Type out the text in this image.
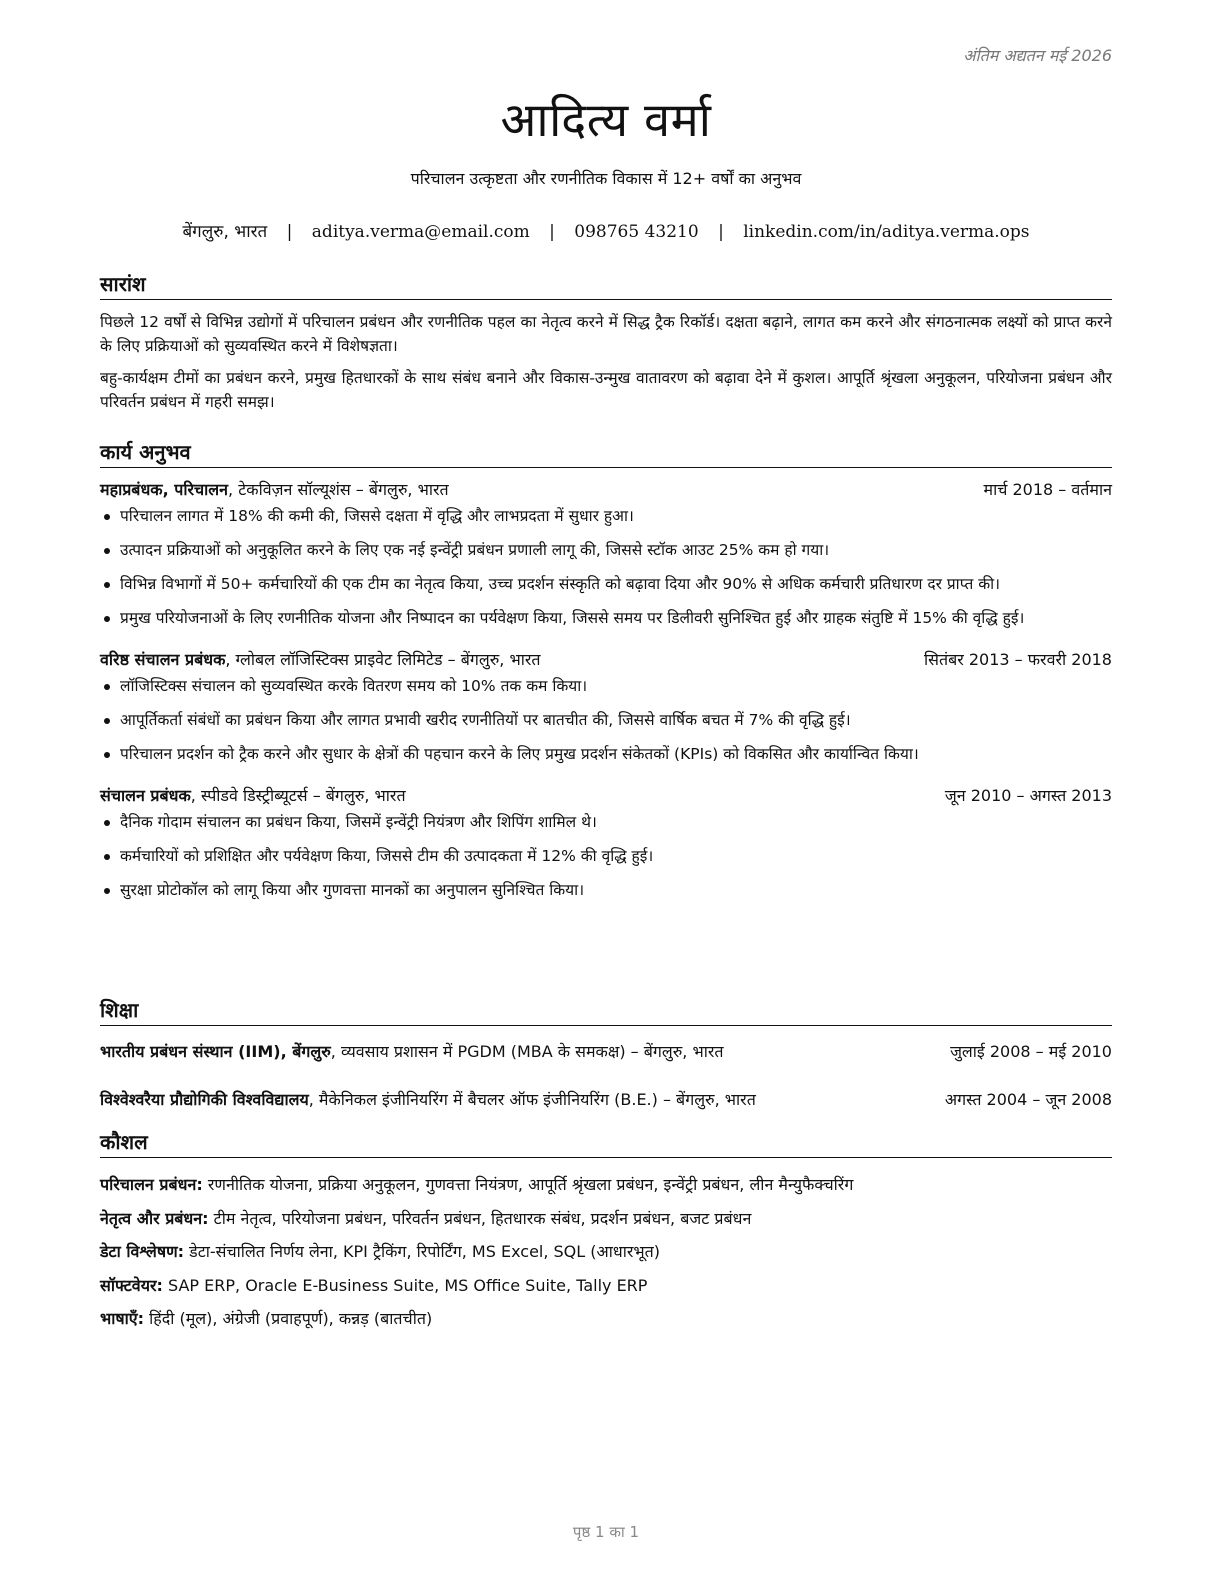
अंतिम अद्यतन मई 2026
आदित्य वर्मा
परिचालन उत्कृष्टता और रणनीतिक विकास में 12+ वर्षों का अनुभव
बेंगलुरु, भारत | aditya.verma@email.com | 098765 43210 | linkedin.com/in/aditya.verma.ops
सारांश

पिछले 12 वर्षों से विभिन्न उद्योगों में परिचालन प्रबंधन और रणनीतिक पहल का नेतृत्व करने में सिद्ध ट्रैक रिकॉर्ड। दक्षता बढ़ाने, लागत कम करने और संगठनात्मक लक्ष्यों को प्राप्त करने के लिए प्रक्रियाओं को सुव्यवस्थित करने में विशेषज्ञता।

बहु-कार्यक्षम टीमों का प्रबंधन करने, प्रमुख हितधारकों के साथ संबंध बनाने और विकास-उन्मुख वातावरण को बढ़ावा देने में कुशल। आपूर्ति श्रृंखला अनुकूलन, परियोजना प्रबंधन और परिवर्तन प्रबंधन में गहरी समझ।

कार्य अनुभव
महाप्रबंधक, परिचालन, टेकविज़न सॉल्यूशंस – बेंगलुरु, भारत	मार्च 2018 – वर्तमान
परिचालन लागत में 18% की कमी की, जिससे दक्षता में वृद्धि और लाभप्रदता में सुधार हुआ।
उत्पादन प्रक्रियाओं को अनुकूलित करने के लिए एक नई इन्वेंट्री प्रबंधन प्रणाली लागू की, जिससे स्टॉक आउट 25% कम हो गया।
विभिन्न विभागों में 50+ कर्मचारियों की एक टीम का नेतृत्व किया, उच्च प्रदर्शन संस्कृति को बढ़ावा दिया और 90% से अधिक कर्मचारी प्रतिधारण दर प्राप्त की।
प्रमुख परियोजनाओं के लिए रणनीतिक योजना और निष्पादन का पर्यवेक्षण किया, जिससे समय पर डिलीवरी सुनिश्चित हुई और ग्राहक संतुष्टि में 15% की वृद्धि हुई।
वरिष्ठ संचालन प्रबंधक, ग्लोबल लॉजिस्टिक्स प्राइवेट लिमिटेड – बेंगलुरु, भारत	सितंबर 2013 – फरवरी 2018
लॉजिस्टिक्स संचालन को सुव्यवस्थित करके वितरण समय को 10% तक कम किया।
आपूर्तिकर्ता संबंधों का प्रबंधन किया और लागत प्रभावी खरीद रणनीतियों पर बातचीत की, जिससे वार्षिक बचत में 7% की वृद्धि हुई।
परिचालन प्रदर्शन को ट्रैक करने और सुधार के क्षेत्रों की पहचान करने के लिए प्रमुख प्रदर्शन संकेतकों (KPIs) को विकसित और कार्यान्वित किया।
संचालन प्रबंधक, स्पीडवे डिस्ट्रीब्यूटर्स – बेंगलुरु, भारत	जून 2010 – अगस्त 2013
दैनिक गोदाम संचालन का प्रबंधन किया, जिसमें इन्वेंट्री नियंत्रण और शिपिंग शामिल थे।
कर्मचारियों को प्रशिक्षित और पर्यवेक्षण किया, जिससे टीम की उत्पादकता में 12% की वृद्धि हुई।
सुरक्षा प्रोटोकॉल को लागू किया और गुणवत्ता मानकों का अनुपालन सुनिश्चित किया।
शिक्षा
भारतीय प्रबंधन संस्थान (IIM), बेंगलुरु, व्यवसाय प्रशासन में PGDM (MBA के समकक्ष) – बेंगलुरु, भारत	जुलाई 2008 – मई 2010
विश्वेश्वरैया प्रौद्योगिकी विश्वविद्यालय, मैकेनिकल इंजीनियरिंग में बैचलर ऑफ इंजीनियरिंग (B.E.) – बेंगलुरु, भारत	अगस्त 2004 – जून 2008
कौशल
परिचालन प्रबंधन: रणनीतिक योजना, प्रक्रिया अनुकूलन, गुणवत्ता नियंत्रण, आपूर्ति श्रृंखला प्रबंधन, इन्वेंट्री प्रबंधन, लीन मैन्युफैक्चरिंग
नेतृत्व और प्रबंधन: टीम नेतृत्व, परियोजना प्रबंधन, परिवर्तन प्रबंधन, हितधारक संबंध, प्रदर्शन प्रबंधन, बजट प्रबंधन
डेटा विश्लेषण: डेटा-संचालित निर्णय लेना, KPI ट्रैकिंग, रिपोर्टिंग, MS Excel, SQL (आधारभूत)
सॉफ्टवेयर: SAP ERP, Oracle E-Business Suite, MS Office Suite, Tally ERP
भाषाएँ: हिंदी (मूल), अंग्रेजी (प्रवाहपूर्ण), कन्नड़ (बातचीत)
पृष्ठ 1 का 1
